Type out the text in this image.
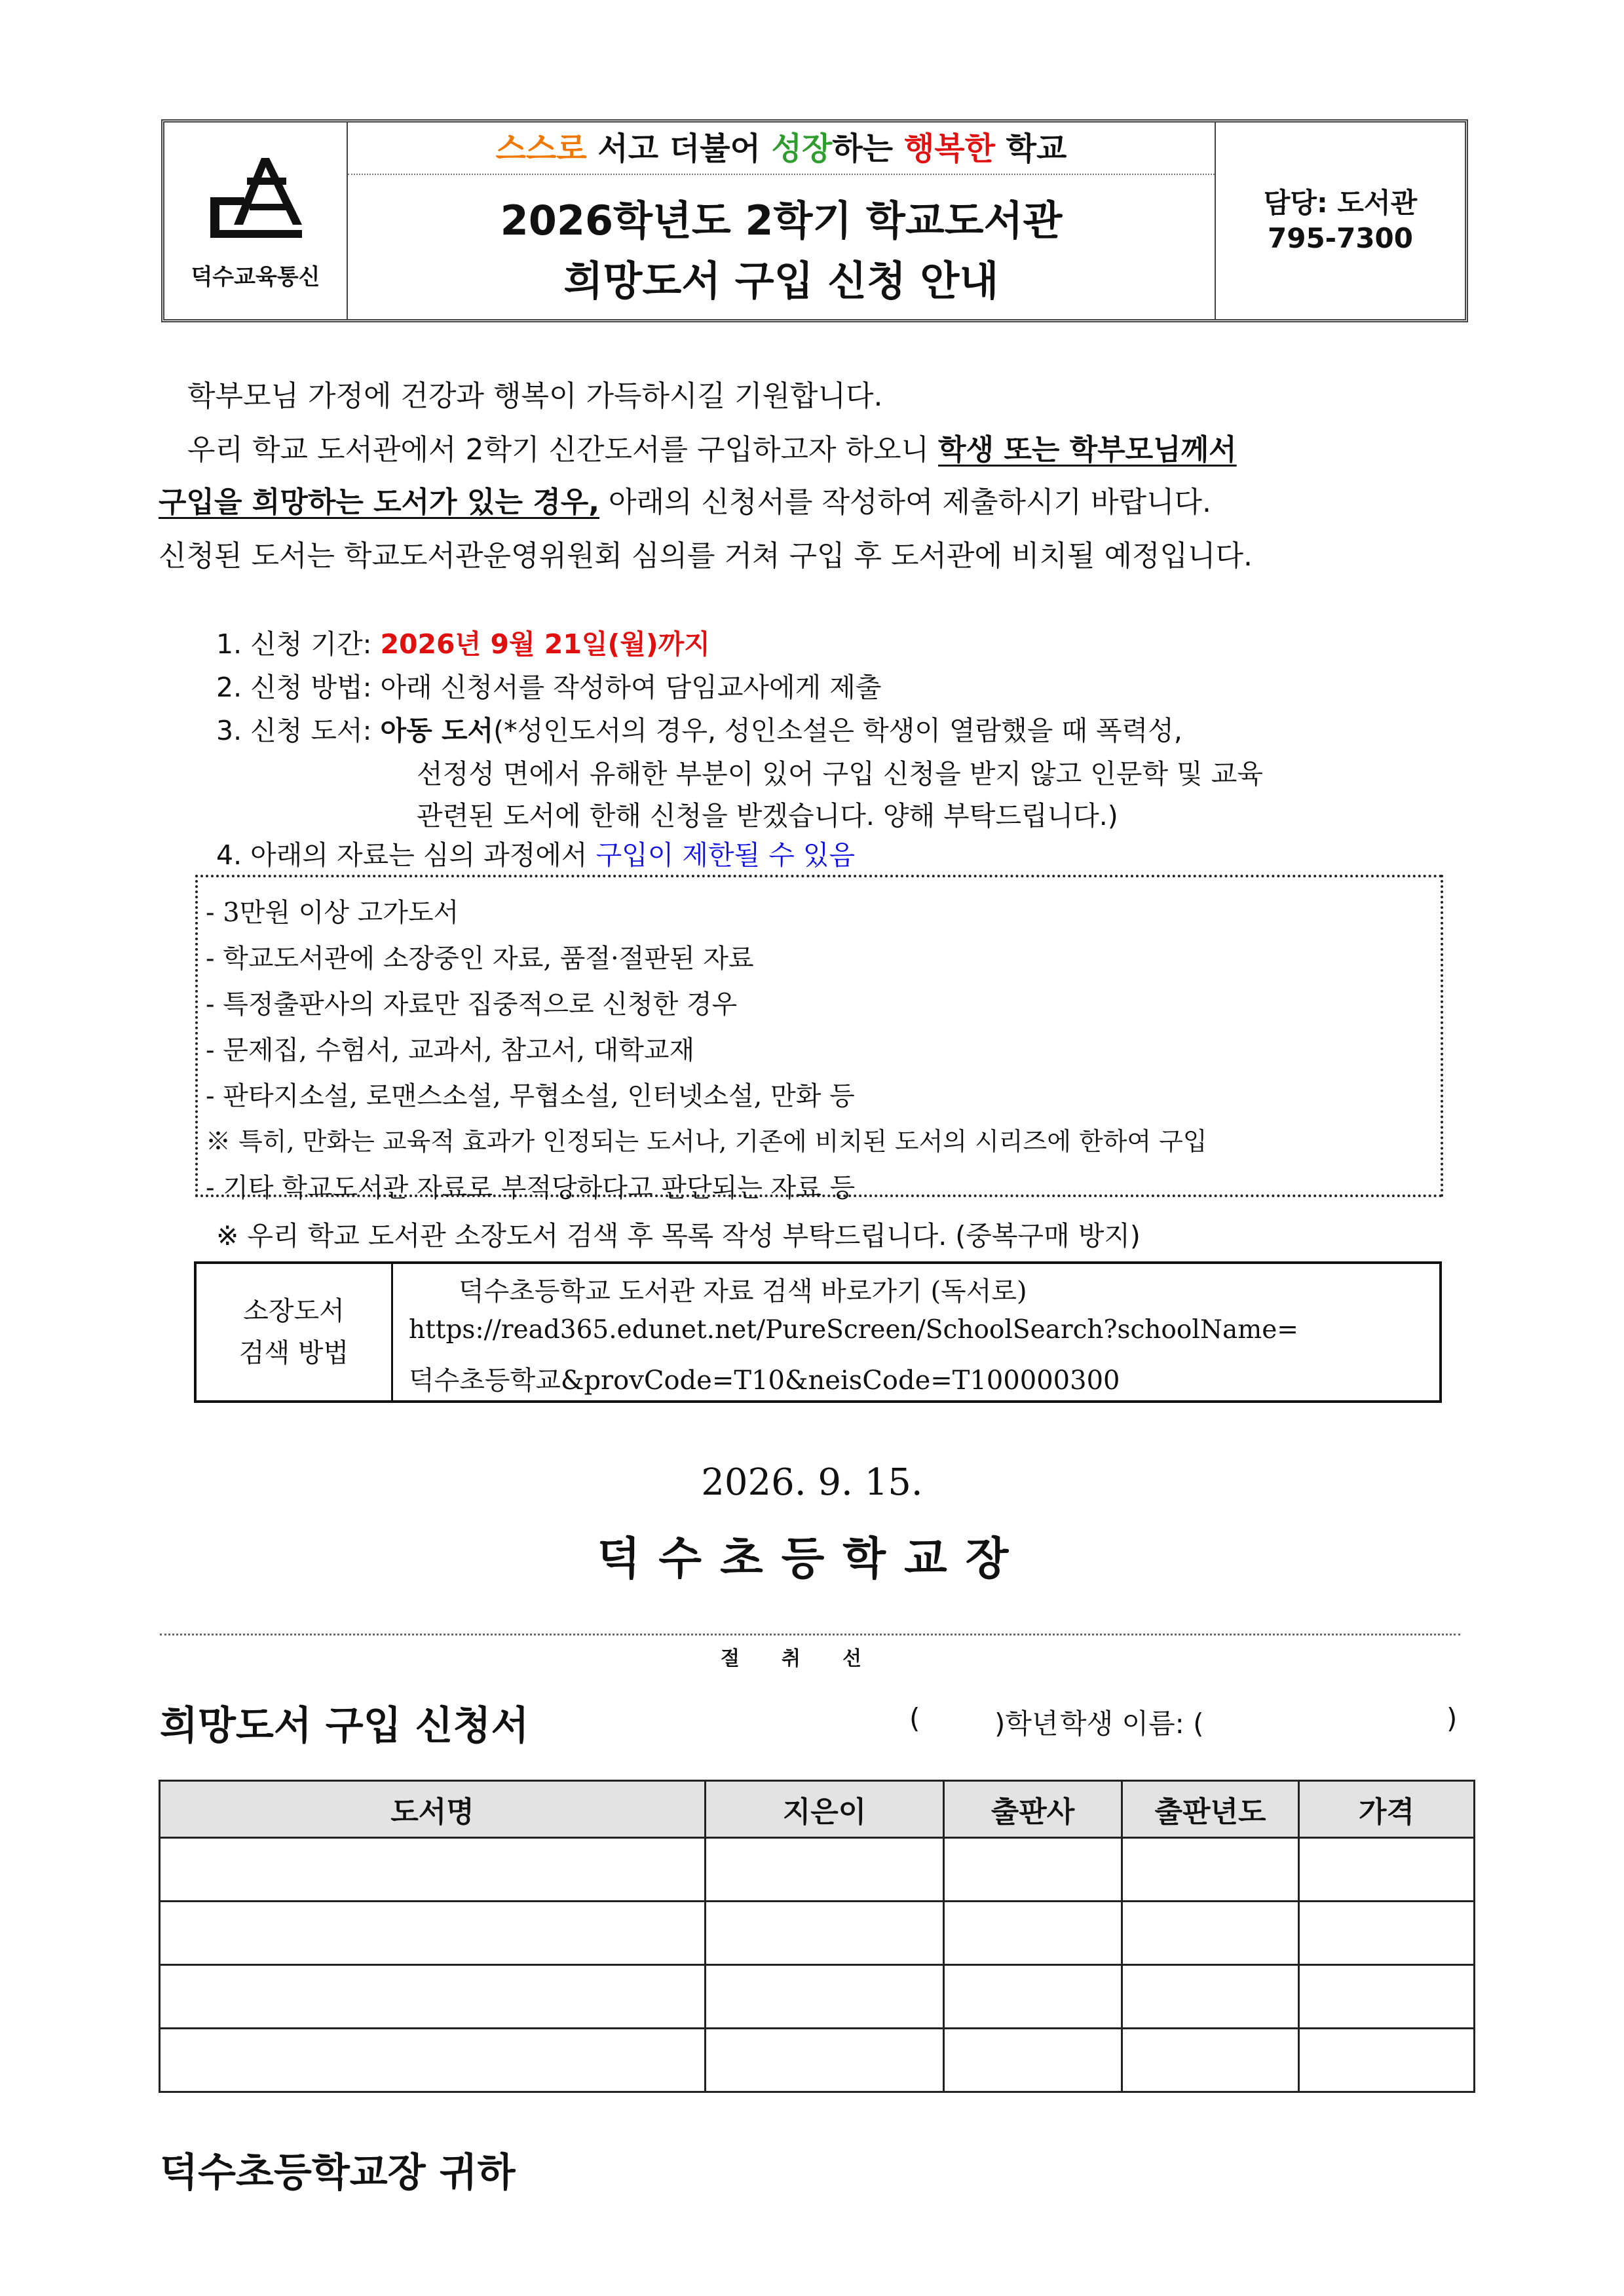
덕수교육통신
스스로 서고 더불어 성장하는 행복한 학교
2026학년도 2학기 학교도서관
희망도서 구입 신청 안내
담당: 도서관
795-7300
학부모님 가정에 건강과 행복이 가득하시길 기원합니다.
우리 학교 도서관에서 2학기 신간도서를 구입하고자 하오니 학생 또는 학부모님께서
구입을 희망하는 도서가 있는 경우, 아래의 신청서를 작성하여 제출하시기 바랍니다.
신청된 도서는 학교도서관운영위원회 심의를 거쳐 구입 후 도서관에 비치될 예정입니다.
1. 신청 기간: 2026년 9월 21일(월)까지
2. 신청 방법: 아래 신청서를 작성하여 담임교사에게 제출
3. 신청 도서: 아동 도서(*성인도서의 경우, 성인소설은 학생이 열람했을 때 폭력성,
선정성 면에서 유해한 부분이 있어 구입 신청을 받지 않고 인문학 및 교육
관련된 도서에 한해 신청을 받겠습니다. 양해 부탁드립니다.)
4. 아래의 자료는 심의 과정에서 구입이 제한될 수 있음
- 3만원 이상 고가도서
- 학교도서관에 소장중인 자료, 품절·절판된 자료
- 특정출판사의 자료만 집중적으로 신청한 경우
- 문제집, 수험서, 교과서, 참고서, 대학교재
- 판타지소설, 로맨스소설, 무협소설, 인터넷소설, 만화 등
※ 특히, 만화는 교육적 효과가 인정되는 도서나, 기존에 비치된 도서의 시리즈에 한하여 구입
- 기타 학교도서관 자료로 부적당하다고 판단되는 자료 등
※ 우리 학교 도서관 소장도서 검색 후 목록 작성 부탁드립니다. (중복구매 방지)
소장도서
검색 방법
덕수초등학교 도서관 자료 검색 바로가기 (독서로)
https://read365.edunet.net/PureScreen/SchoolSearch?schoolName=
덕수초등학교&provCode=T10&neisCode=T100000300
2026. 9. 15.
덕수초등학교장
절취선
희망도서 구입 신청서	(	)학년 학생 이름: (	)
도서명	지은이	출판사	출판년도	가격

덕수초등학교장 귀하
